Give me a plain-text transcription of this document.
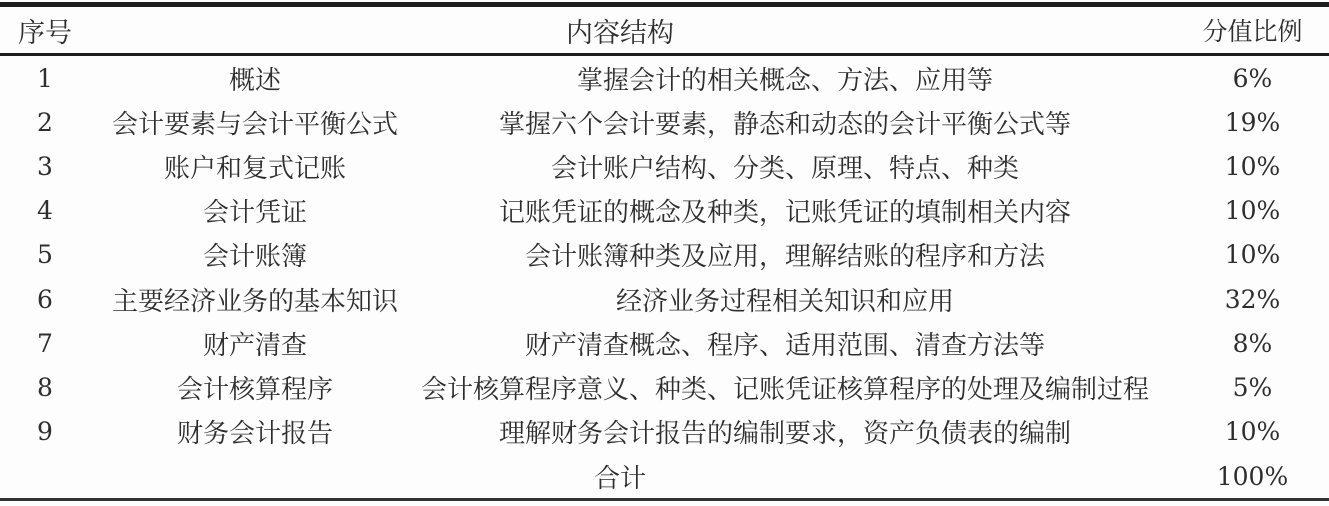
序号	内容结构		分值比例
1	概述	掌握会计的相关概念、方法、应用等	6%
2	会计要素与会计平衡公式	掌握六个会计要素，静态和动态的会计平衡公式等	19%
3	账户和复式记账	会计账户结构、分类、原理、特点、种类	10%
4	会计凭证	记账凭证的概念及种类，记账凭证的填制相关内容	10%
5	会计账簿	会计账簿种类及应用，理解结账的程序和方法	10%
6	主要经济业务的基本知识	经济业务过程相关知识和应用	32%
7	财产清查	财产清查概念、程序、适用范围、清查方法等	8%
8	会计核算程序	会计核算程序意义、种类、记账凭证核算程序的处理及编制过程	5%
9	财务会计报告	理解财务会计报告的编制要求，资产负债表的编制	10%
	合计		100%
